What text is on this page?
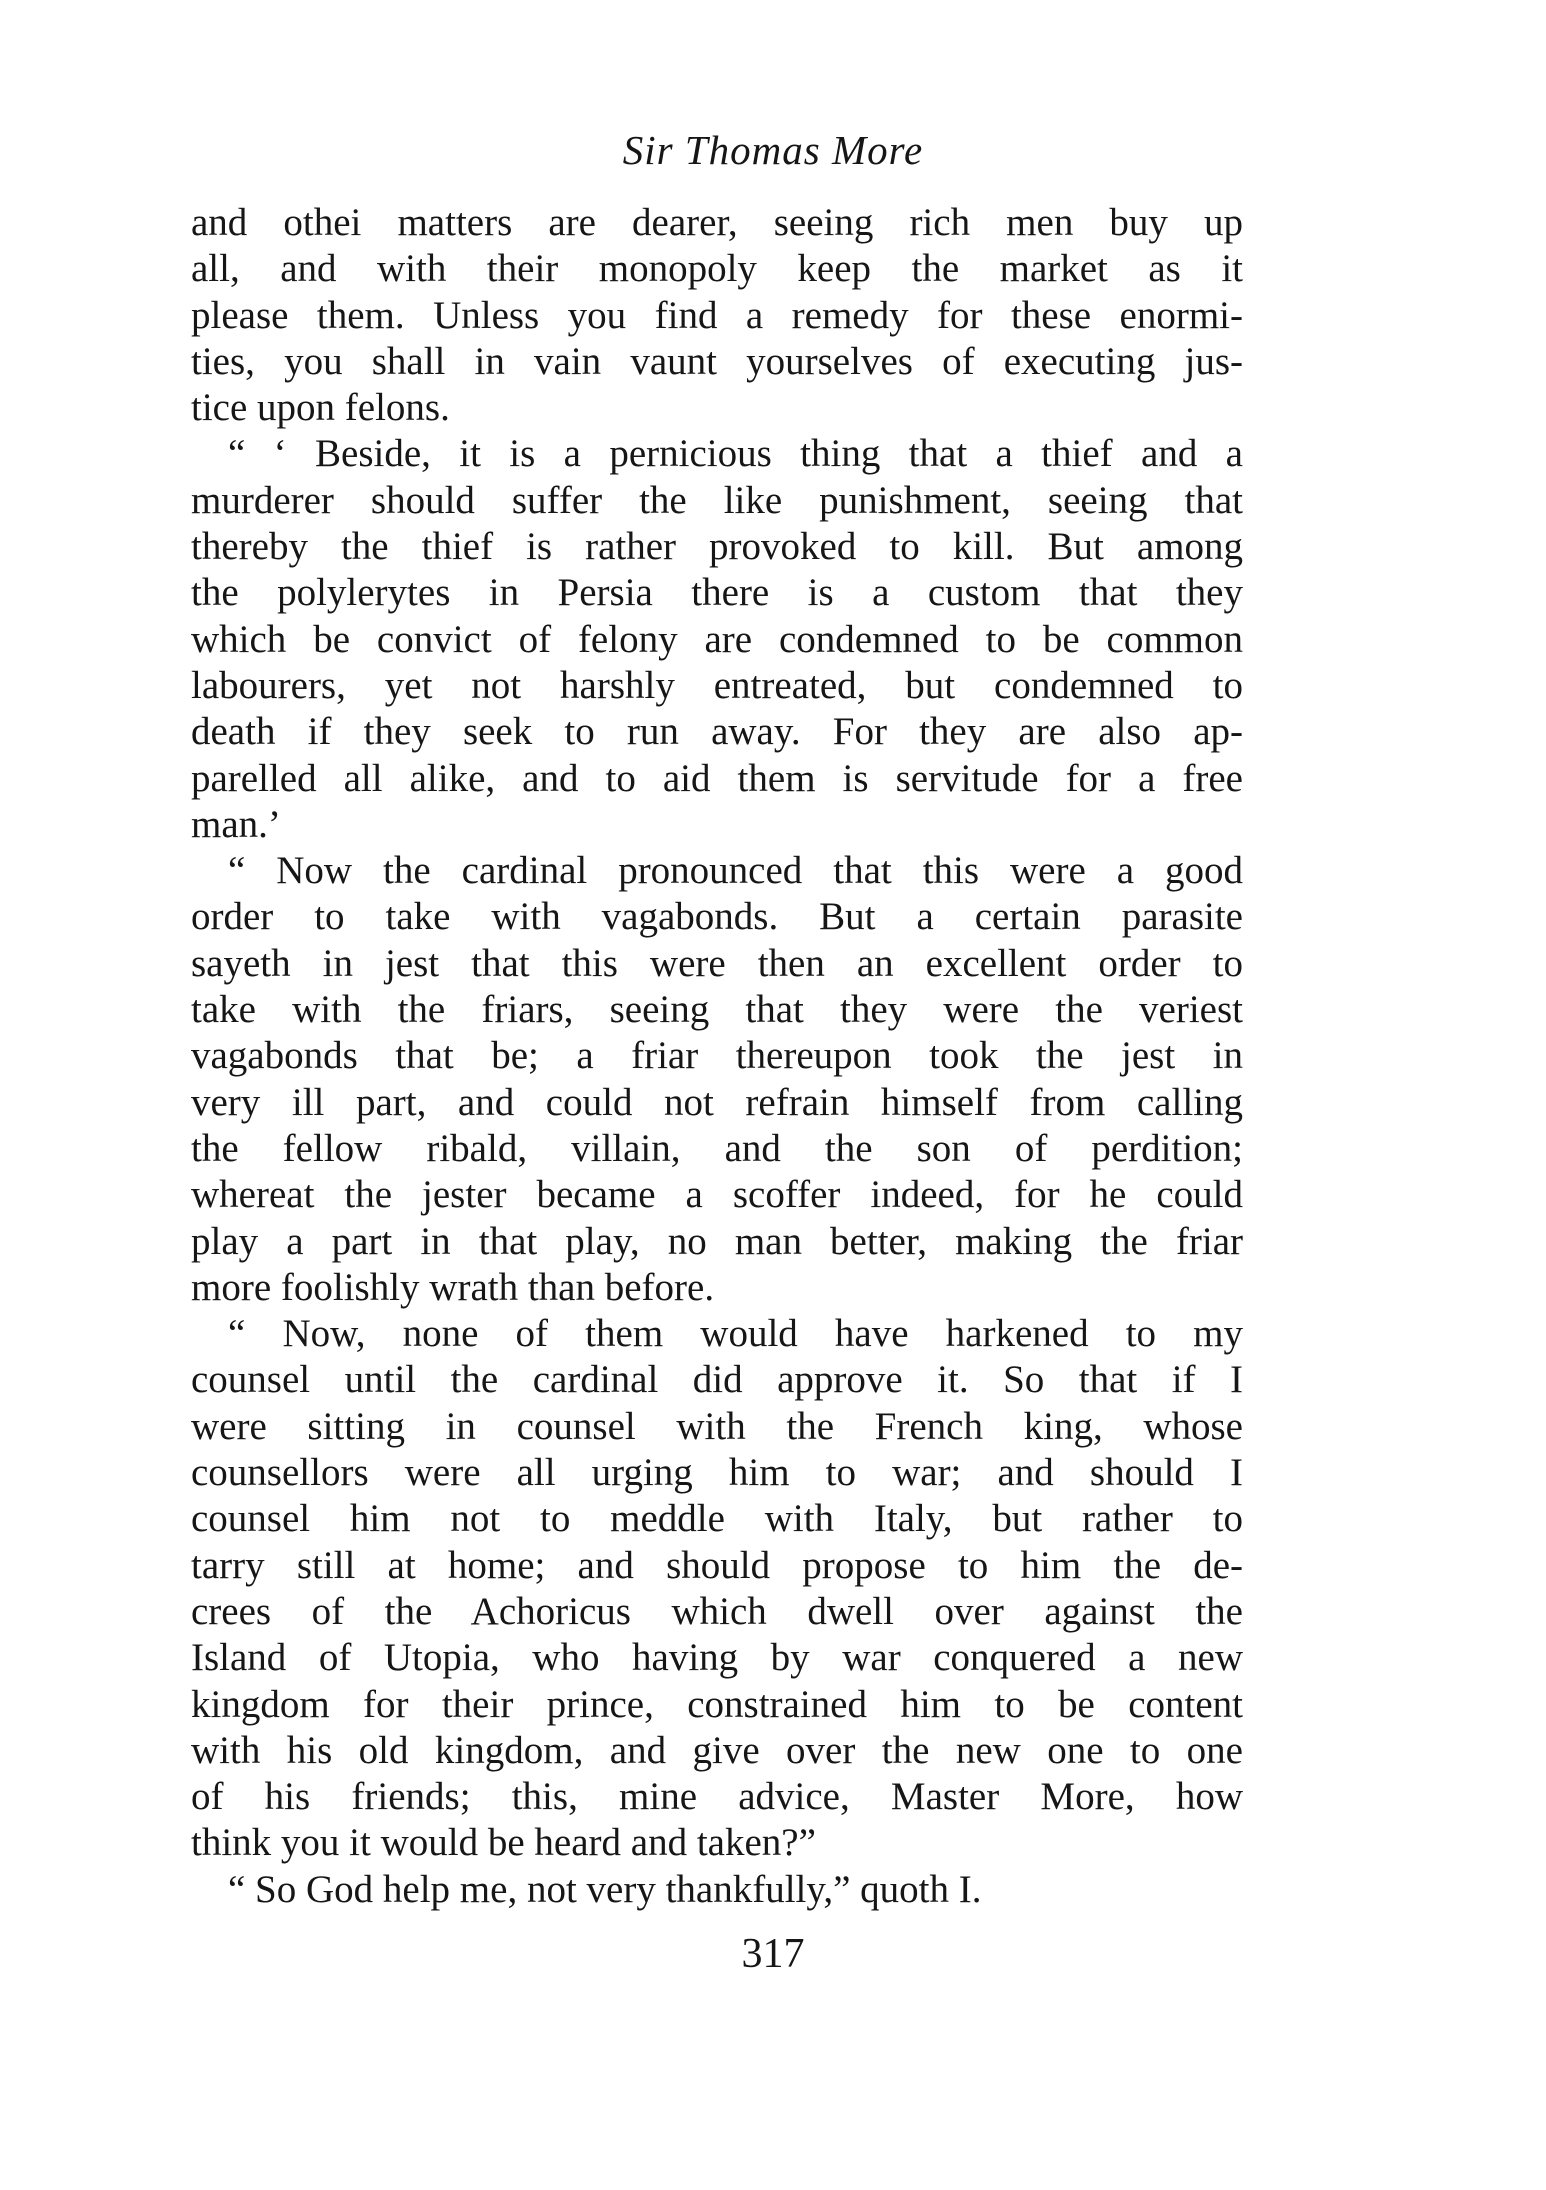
Sir Thomas More
and othei matters are dearer, seeing rich men buy up
all, and with their monopoly keep the market as it
please them. Unless you find a remedy for these enormi-
ties, you shall in vain vaunt yourselves of executing jus-
tice upon felons.
“ ‘ Beside, it is a pernicious thing that a thief and a
murderer should suffer the like punishment, seeing that
thereby the thief is rather provoked to kill. But among
the polylerytes in Persia there is a custom that they
which be convict of felony are condemned to be common
labourers, yet not harshly entreated, but condemned to
death if they seek to run away. For they are also ap-
parelled all alike, and to aid them is servitude for a free
man.’
“ Now the cardinal pronounced that this were a good
order to take with vagabonds. But a certain parasite
sayeth in jest that this were then an excellent order to
take with the friars, seeing that they were the veriest
vagabonds that be; a friar thereupon took the jest in
very ill part, and could not refrain himself from calling
the fellow ribald, villain, and the son of perdition;
whereat the jester became a scoffer indeed, for he could
play a part in that play, no man better, making the friar
more foolishly wrath than before.
“ Now, none of them would have harkened to my
counsel until the cardinal did approve it. So that if I
were sitting in counsel with the French king, whose
counsellors were all urging him to war; and should I
counsel him not to meddle with Italy, but rather to
tarry still at home; and should propose to him the de-
crees of the Achoricus which dwell over against the
Island of Utopia, who having by war conquered a new
kingdom for their prince, constrained him to be content
with his old kingdom, and give over the new one to one
of his friends; this, mine advice, Master More, how
think you it would be heard and taken?”
“ So God help me, not very thankfully,” quoth I.
317
